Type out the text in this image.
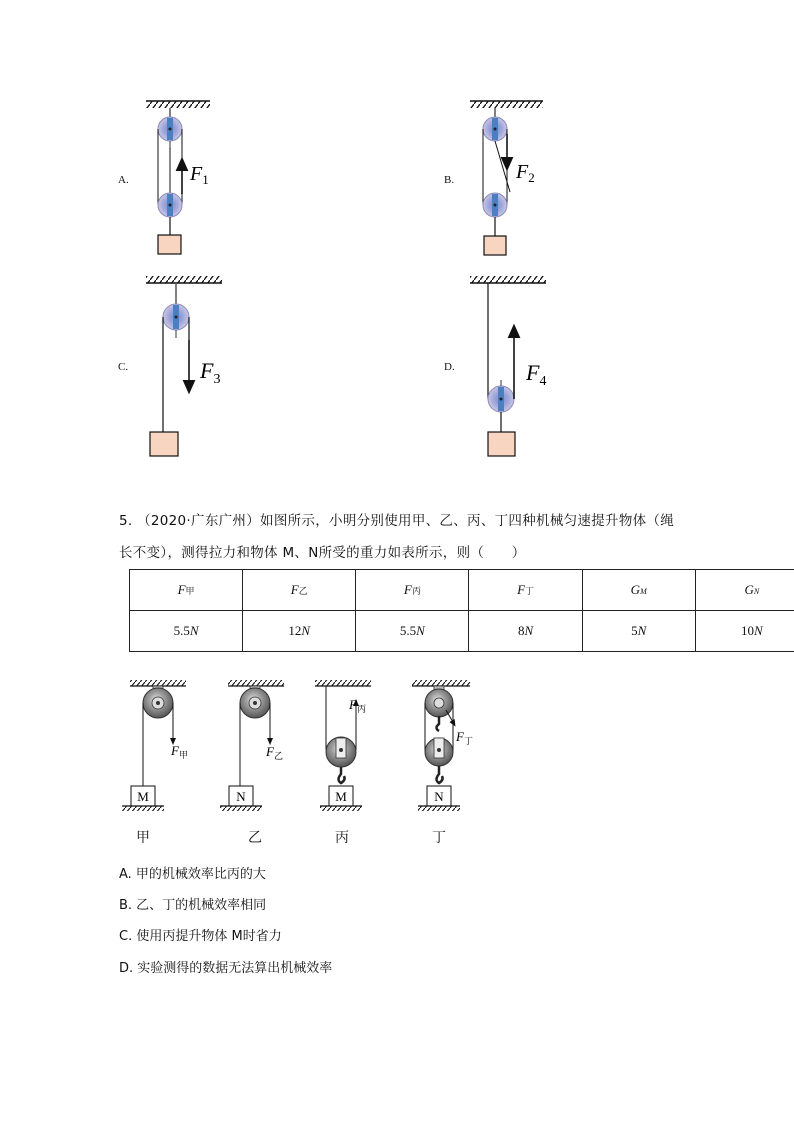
$F_1$	$F_2$
$F_3$	$F_4$
A.	B.
C.	D.
5. （2020·广东广州）如图所示，小明分别使用甲、乙、丙、丁四种机械匀速提升物体（绳
长不变），测得拉力和物体 M、N所受的重力如表所示，则（　　）
F甲	F乙	F丙	F丁	GM	GN
5.5N	12N	5.5N	8N	5N	10N
$F_甲$
M
$F_乙$
N
$F_丙$
M
$F_丁$
N
甲	乙	丙	丁
A. 甲的机械效率比丙的大
B. 乙、丁的机械效率相同
C. 使用丙提升物体 M时省力
D. 实验测得的数据无法算出机械效率
